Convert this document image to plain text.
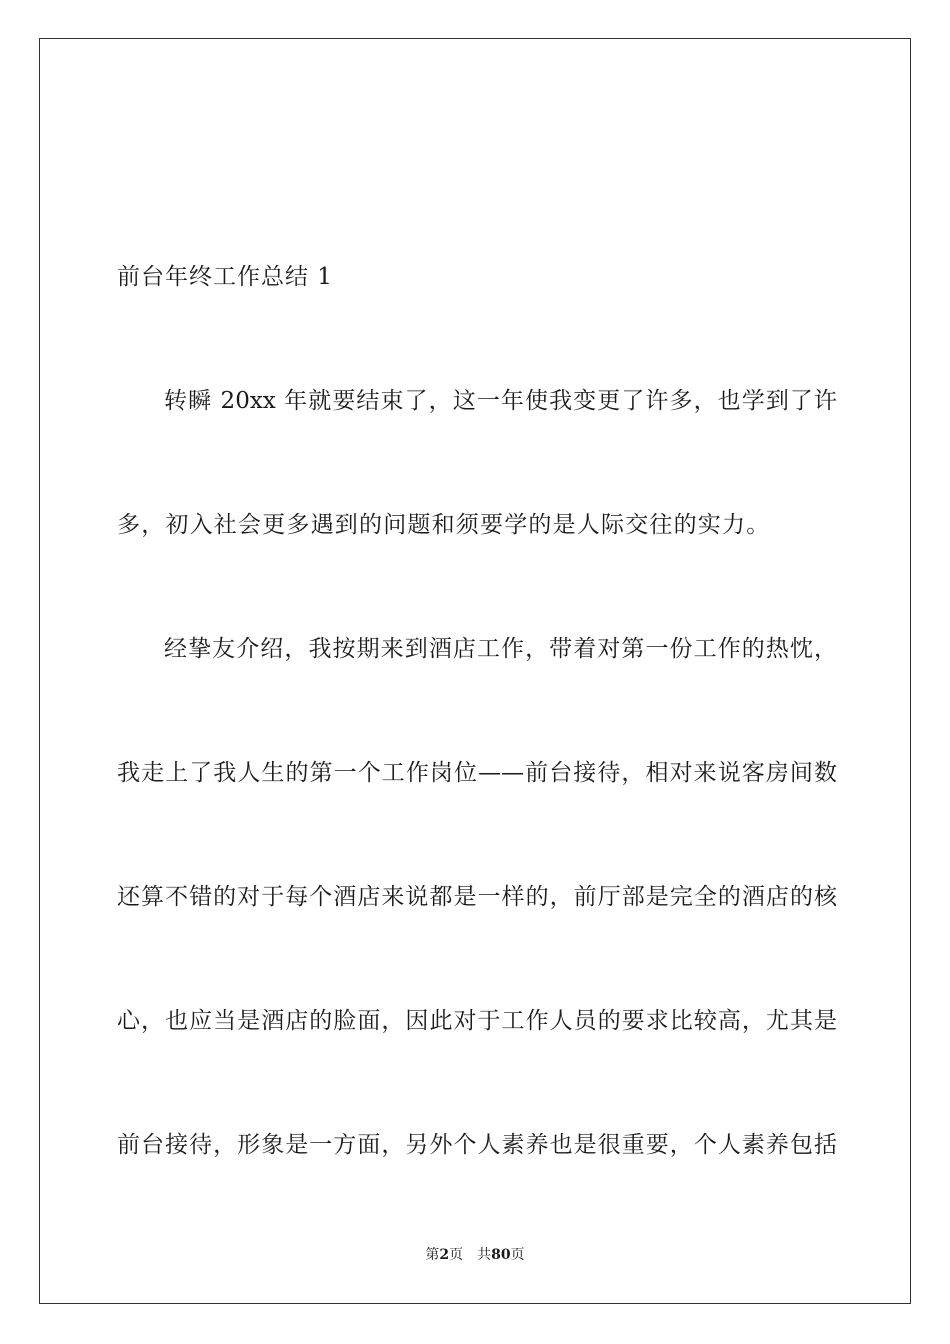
前台年终工作总结 1
转瞬 20xx 年就要结束了，这一年使我变更了许多，也学到了许
多，初入社会更多遇到的问题和须要学的是人际交往的实力。
经挚友介绍，我按期来到酒店工作，带着对第一份工作的热忱，
我走上了我人生的第一个工作岗位——前台接待，相对来说客房间数
还算不错的对于每个酒店来说都是一样的，前厅部是完全的酒店的核
心，也应当是酒店的脸面，因此对于工作人员的要求比较高，尤其是
前台接待，形象是一方面，另外个人素养也是很重要，个人素养包括
第2页 共80页
